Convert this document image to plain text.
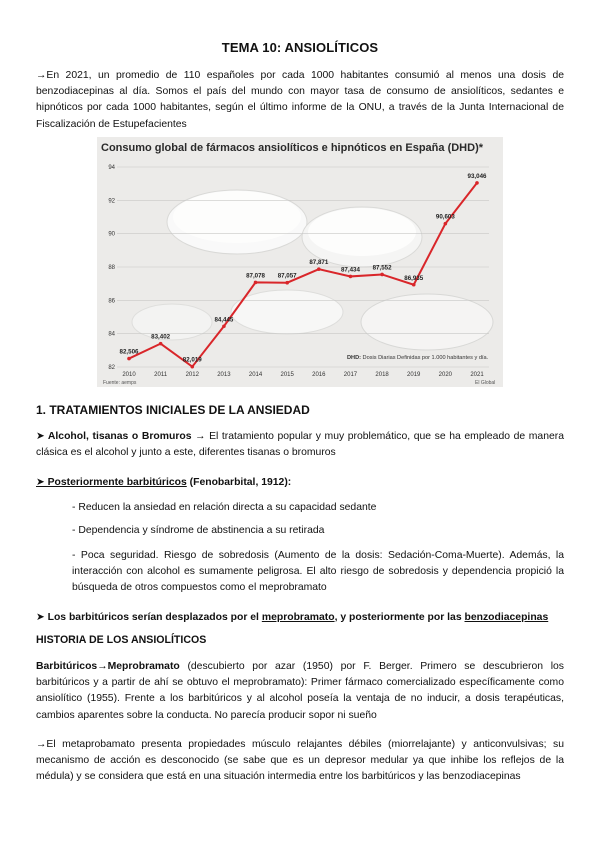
TEMA 10: ANSIOLÍTICOS

→En 2021, un promedio de 110 españoles por cada 1000 habitantes consumió al menos una dosis de benzodiacepinas al día. Somos el país del mundo con mayor tasa de consumo de ansiolíticos, sedantes e hipnóticos por cada 1000 habitantes, según el último informe de la ONU, a través de la Junta Internacional de Fiscalización de Estupefacientes

Consumo global de fármacos ansiolíticos e hipnóticos en España (DHD)*
82
84
86
88
90
92
94
2010	2011	2012	2013	2014	2015	2016	2017	2018	2019	2020	2021
82,506
83,402
82,019
84,445
87,078 87,057
87,871
87,434 87,552
86,935
90,603
93,046
DHD: Dosis Diarias Definidas por 1.000 habitantes y día.
Fuente: aemps	El Global
1. TRATAMIENTOS INICIALES DE LA ANSIEDAD

➤ Alcohol, tisanas o Bromuros → El tratamiento popular y muy problemático, que se ha empleado de manera clásica es el alcohol y junto a este, diferentes tisanas o bromuros

➤ Posteriormente barbitúricos (Fenobarbital, 1912):

- Reducen la ansiedad en relación directa a su capacidad sedante
- Dependencia y síndrome de abstinencia a su retirada
- Poca seguridad. Riesgo de sobredosis (Aumento de la dosis: Sedación-Coma-Muerte). Además, la interacción con alcohol es sumamente peligrosa. El alto riesgo de sobredosis y dependencia propició la búsqueda de otros compuestos como el meprobramato

➤ Los barbitúricos serían desplazados por el meprobramato, y posteriormente por las benzodiacepinas

HISTORIA DE LOS ANSIOLÍTICOS

Barbitúricos→Meprobramato (descubierto por azar (1950) por F. Berger. Primero se descubrieron los barbitúricos y a partir de ahí se obtuvo el meprobramato): Primer fármaco comercializado específicamente como ansiolítico (1955). Frente a los barbitúricos y al alcohol poseía la ventaja de no inducir, a dosis terapéuticas, cambios aparentes sobre la conducta. No parecía producir sopor ni sueño

→El metaprobamato presenta propiedades músculo relajantes débiles (miorrelajante) y anticonvulsivas; su mecanismo de acción es desconocido (se sabe que es un depresor medular ya que inhibe los reflejos de la médula) y se considera que está en una situación intermedia entre los barbitúricos y las benzodiacepinas
